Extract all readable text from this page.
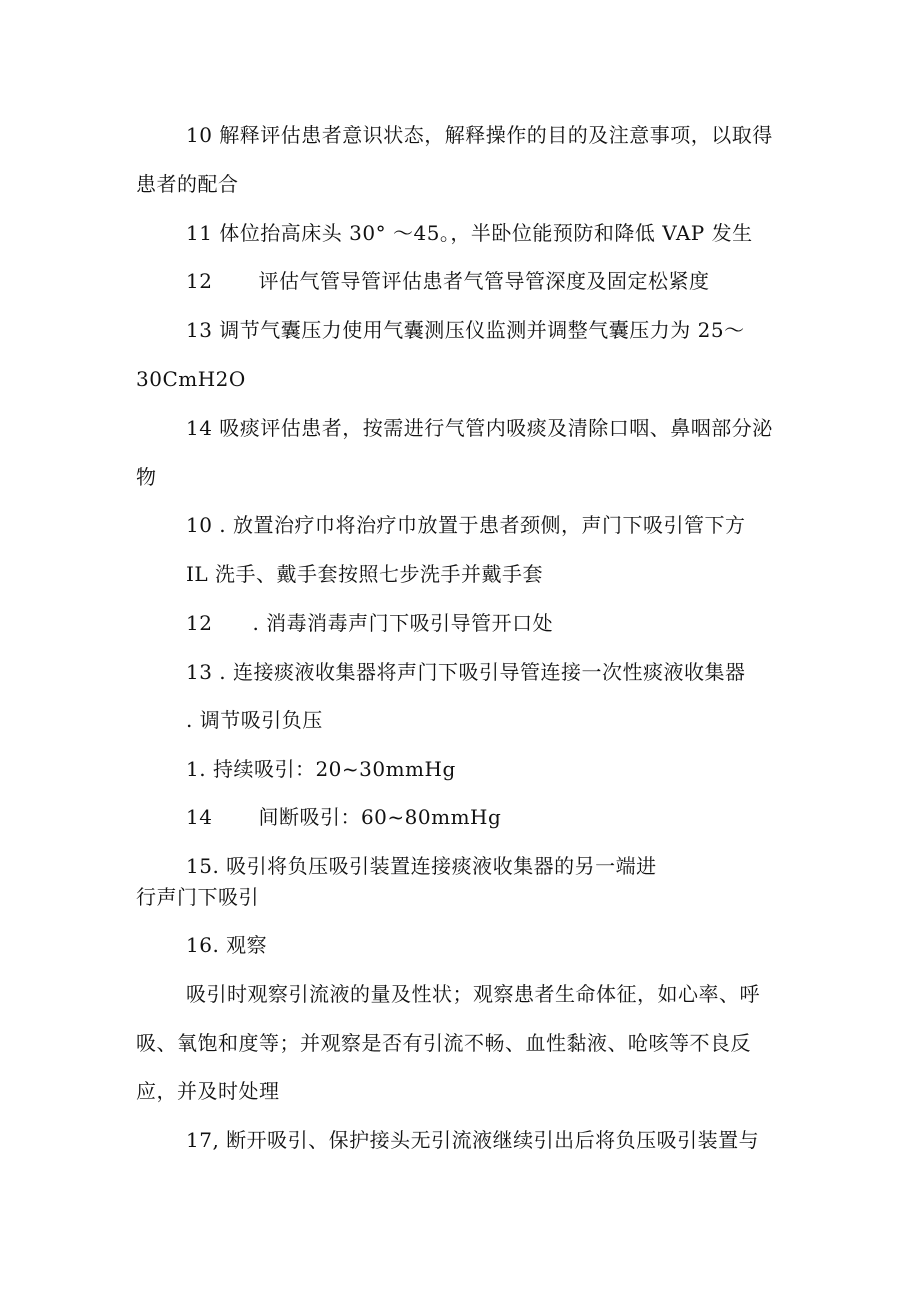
10 解释评估患者意识状态，解释操作的目的及注意事项，以取得
患者的配合
11 体位抬高床头 30° ～45。，半卧位能预防和降低 VAP 发生
12 评估气管导管评估患者气管导管深度及固定松紧度
13 调节气囊压力使用气囊测压仪监测并调整气囊压力为 25～
30CmH2O
14 吸痰评估患者，按需进行气管内吸痰及清除口咽、鼻咽部分泌
物
10 . 放置治疗巾将治疗巾放置于患者颈侧，声门下吸引管下方
IL 洗手、戴手套按照七步洗手并戴手套
12 . 消毒消毒声门下吸引导管开口处
13 . 连接痰液收集器将声门下吸引导管连接一次性痰液收集器
. 调节吸引负压
1. 持续吸引：20~30mmHg
14 间断吸引：60~80mmHg
15. 吸引将负压吸引装置连接痰液收集器的另一端进
行声门下吸引
16. 观察
吸引时观察引流液的量及性状；观察患者生命体征，如心率、呼
吸、氧饱和度等；并观察是否有引流不畅、血性黏液、呛咳等不良反
应，并及时处理
17, 断开吸引、保护接头无引流液继续引出后将负压吸引装置与
